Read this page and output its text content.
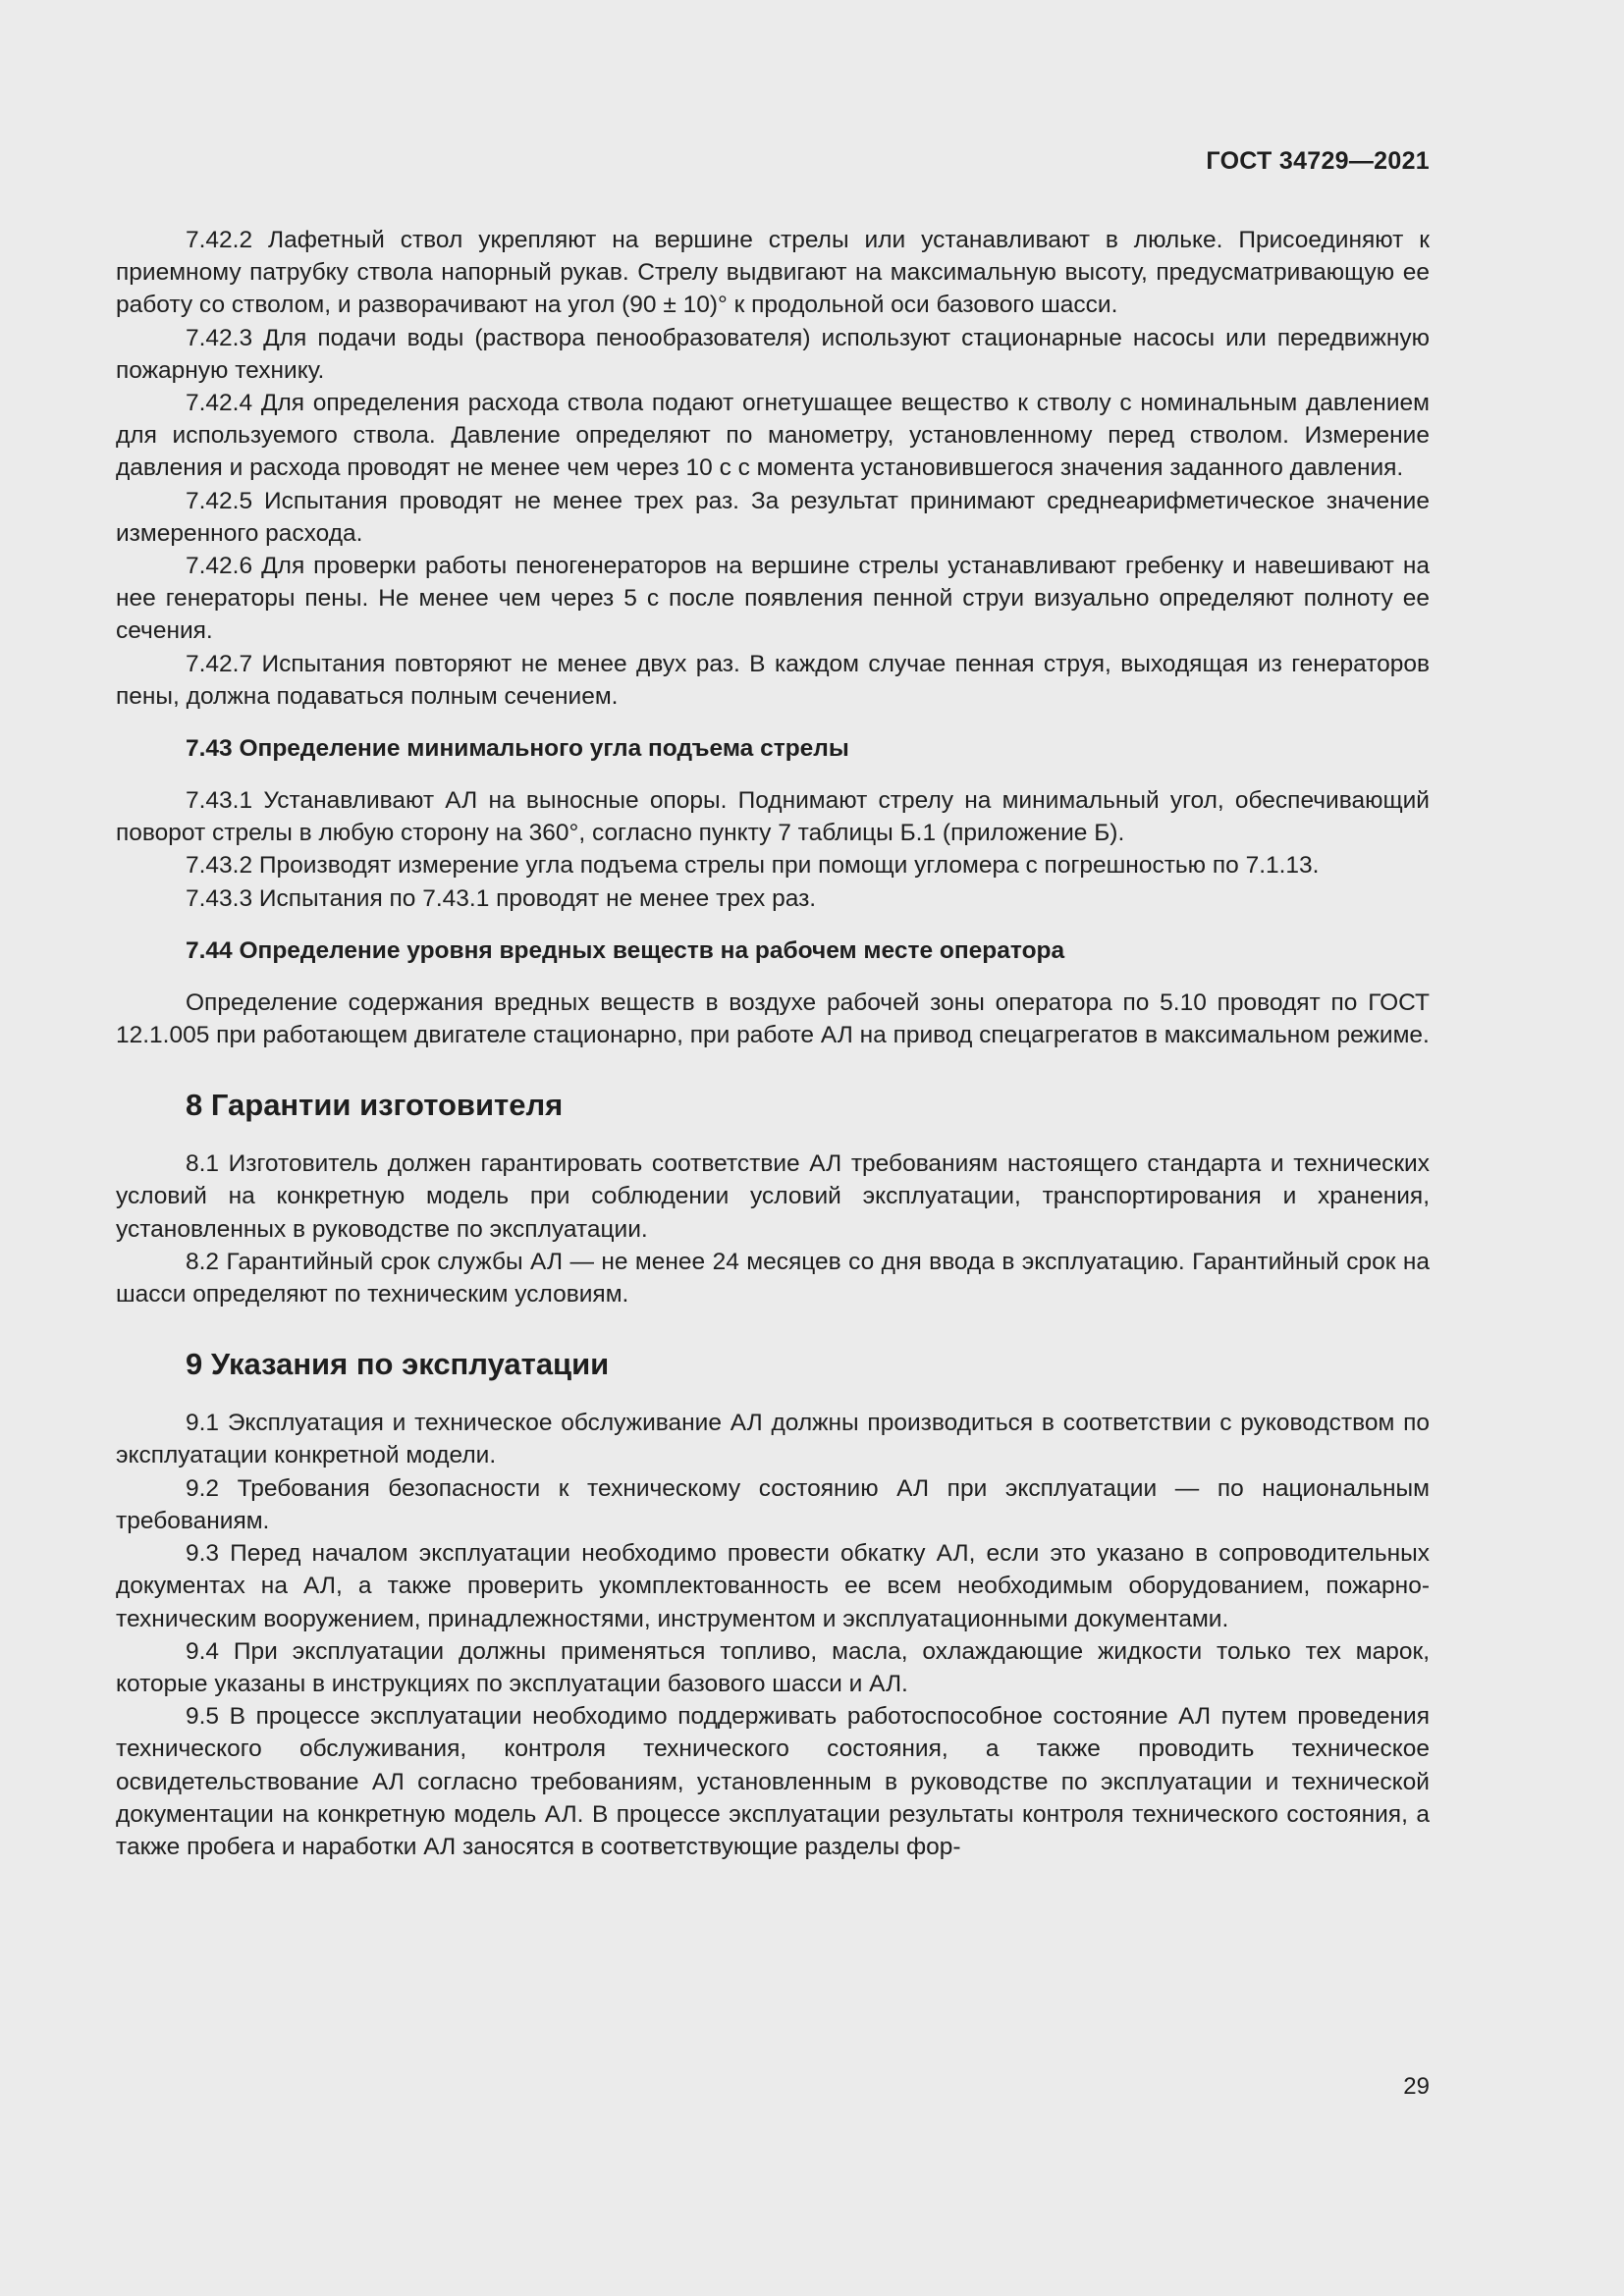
ГОСТ 34729—2021

7.42.2 Лафетный ствол укрепляют на вершине стрелы или устанавливают в люльке. Присоединяют к приемному патрубку ствола напорный рукав. Стрелу выдвигают на максимальную высоту, предусматривающую ее работу со стволом, и разворачивают на угол (90 ± 10)° к продольной оси базового шасси.

7.42.3 Для подачи воды (раствора пенообразователя) используют стационарные насосы или передвижную пожарную технику.

7.42.4 Для определения расхода ствола подают огнетушащее вещество к стволу с номинальным давлением для используемого ствола. Давление определяют по манометру, установленному перед стволом. Измерение давления и расхода проводят не менее чем через 10 с с момента установившегося значения заданного давления.

7.42.5 Испытания проводят не менее трех раз. За результат принимают среднеарифметическое значение измеренного расхода.

7.42.6 Для проверки работы пеногенераторов на вершине стрелы устанавливают гребенку и навешивают на нее генераторы пены. Не менее чем через 5 с после появления пенной струи визуально определяют полноту ее сечения.

7.42.7 Испытания повторяют не менее двух раз. В каждом случае пенная струя, выходящая из генераторов пены, должна подаваться полным сечением.

7.43 Определение минимального угла подъема стрелы

7.43.1 Устанавливают АЛ на выносные опоры. Поднимают стрелу на минимальный угол, обеспечивающий поворот стрелы в любую сторону на 360°, согласно пункту 7 таблицы Б.1 (приложение Б).

7.43.2 Производят измерение угла подъема стрелы при помощи угломера с погрешностью по 7.1.13.

7.43.3 Испытания по 7.43.1 проводят не менее трех раз.

7.44 Определение уровня вредных веществ на рабочем месте оператора

Определение содержания вредных веществ в воздухе рабочей зоны оператора по 5.10 проводят по ГОСТ 12.1.005 при работающем двигателе стационарно, при работе АЛ на привод спецагрегатов в максимальном режиме.

8 Гарантии изготовителя

8.1 Изготовитель должен гарантировать соответствие АЛ требованиям настоящего стандарта и технических условий на конкретную модель при соблюдении условий эксплуатации, транспортирования и хранения, установленных в руководстве по эксплуатации.

8.2 Гарантийный срок службы АЛ — не менее 24 месяцев со дня ввода в эксплуатацию. Гарантийный срок на шасси определяют по техническим условиям.

9 Указания по эксплуатации

9.1 Эксплуатация и техническое обслуживание АЛ должны производиться в соответствии с руководством по эксплуатации конкретной модели.

9.2 Требования безопасности к техническому состоянию АЛ при эксплуатации — по национальным требованиям.

9.3 Перед началом эксплуатации необходимо провести обкатку АЛ, если это указано в сопроводительных документах на АЛ, а также проверить укомплектованность ее всем необходимым оборудованием, пожарно-техническим вооружением, принадлежностями, инструментом и эксплуатационными документами.

9.4 При эксплуатации должны применяться топливо, масла, охлаждающие жидкости только тех марок, которые указаны в инструкциях по эксплуатации базового шасси и АЛ.

9.5 В процессе эксплуатации необходимо поддерживать работоспособное состояние АЛ путем проведения технического обслуживания, контроля технического состояния, а также проводить техническое освидетельствование АЛ согласно требованиям, установленным в руководстве по эксплуатации и технической документации на конкретную модель АЛ. В процессе эксплуатации результаты контроля технического состояния, а также пробега и наработки АЛ заносятся в соответствующие разделы фор-

29
